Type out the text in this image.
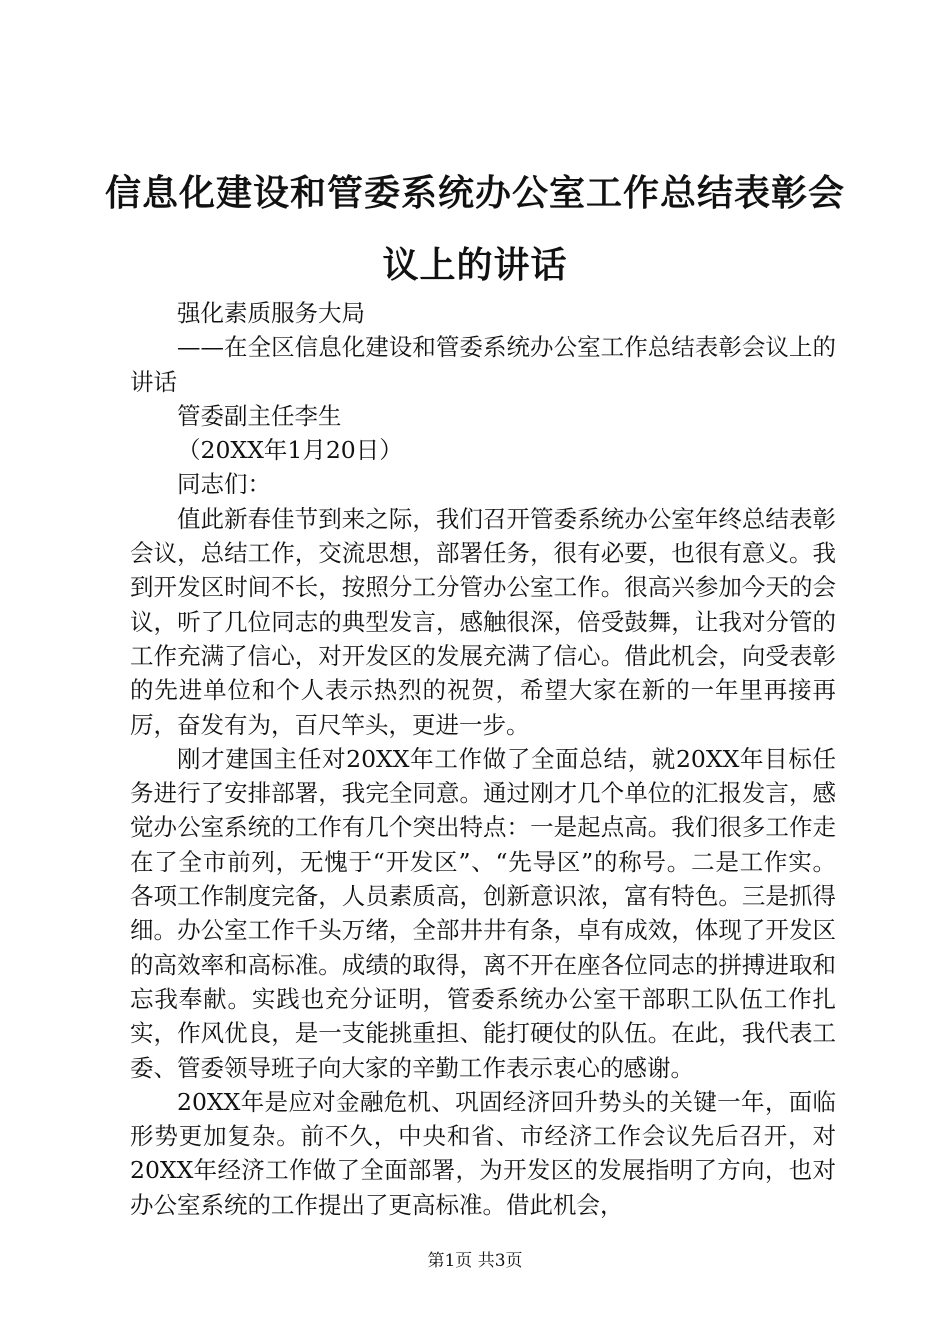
信息化建设和管委系统办公室工作总结表彰会
议上的讲话

强化素质服务大局

——在全区信息化建设和管委系统办公室工作总结表彰会议上的讲话

管委副主任李生

（20XX年1月20日）

同志们：

值此新春佳节到来之际，我们召开管委系统办公室年终总结表彰会议，总结工作，交流思想，部署任务，很有必要，也很有意义。我到开发区时间不长，按照分工分管办公室工作。很高兴参加今天的会议，听了几位同志的典型发言，感触很深，倍受鼓舞，让我对分管的工作充满了信心，对开发区的发展充满了信心。借此机会，向受表彰的先进单位和个人表示热烈的祝贺，希望大家在新的一年里再接再厉，奋发有为，百尺竿头，更进一步。

刚才建国主任对20XX年工作做了全面总结，就20XX年目标任务进行了安排部署，我完全同意。通过刚才几个单位的汇报发言，感觉办公室系统的工作有几个突出特点：一是起点高。我们很多工作走在了全市前列，无愧于“开发区”、“先导区”的称号。二是工作实。各项工作制度完备，人员素质高，创新意识浓，富有特色。三是抓得细。办公室工作千头万绪，全部井井有条，卓有成效，体现了开发区的高效率和高标准。成绩的取得，离不开在座各位同志的拼搏进取和忘我奉献。实践也充分证明，管委系统办公室干部职工队伍工作扎实，作风优良，是一支能挑重担、能打硬仗的队伍。在此，我代表工委、管委领导班子向大家的辛勤工作表示衷心的感谢。

20XX年是应对金融危机、巩固经济回升势头的关键一年，面临形势更加复杂。前不久，中央和省、市经济工作会议先后召开，对20XX年经济工作做了全面部署，为开发区的发展指明了方向，也对办公室系统的工作提出了更高标准。借此机会，

第1页 共3页
